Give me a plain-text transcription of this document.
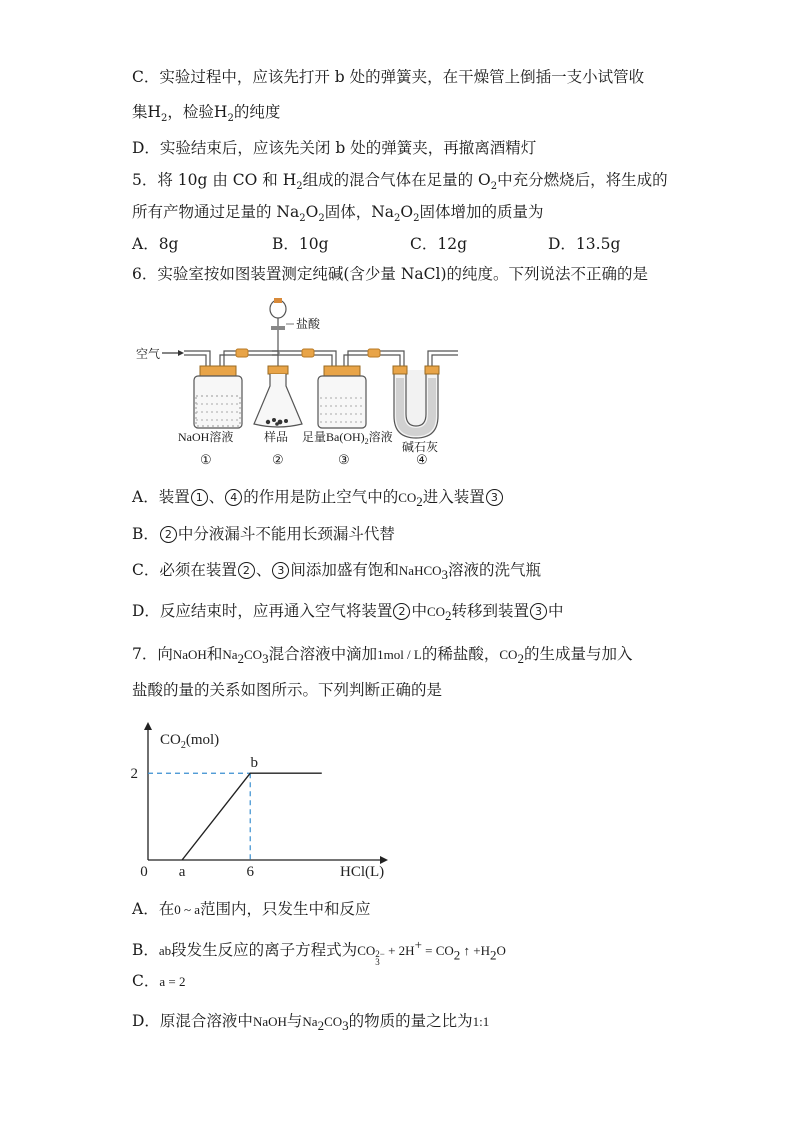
C．实验过程中，应该先打开 b 处的弹簧夹，在干燥管上倒插一支小试管收
集$H_2$，检验$H_2$的纯度
D．实验结束后，应该先关闭 b 处的弹簧夹，再撤离酒精灯
5．将 10g 由 CO 和 $H_2$组成的混合气体在足量的 $O_2$中充分燃烧后，将生成的
所有产物通过足量的 $Na_2O_2$固体，$Na_2O_2$固体增加的质量为
A．8g	B．10g	C．12g	D．13.5g
6．实验室按如图装置测定纯碱(含少量 NaCl)的纯度。下列说法不正确的是
空气
盐酸
NaOH溶液	样品 足量$Ba(OH)_2$溶液
碱石灰
①	②	③	④
A．装置 1 、 4 的作用是防止空气中的$CO_2$进入装置 3
B． 2 中分液漏斗不能用长颈漏斗代替
C．必须在装置 2 、 3 间添加盛有饱和NaHCO$_3$溶液的洗气瓶
D．反应结束时，应再通入空气将装置 2 中$CO_2$转移到装置 3 中
7．向NaOH和$Na_2CO_3$混合溶液中滴加1mol / L的稀盐酸，$CO_2$的生成量与加入
盐酸的量的关系如图所示。下列判断正确的是
$CO_2(mol)$
HCl(L)
0 a	6
2
b
A．在0 ~ a范围内，只发生中和反应
B．ab段发生反应的离子方程式为CO 2−
3
+ $2H^+ = CO_2$ ↑ $+H_2O$
C．a = 2
D．原混合溶液中NaOH与$Na_2CO_3$的物质的量之比为1:1
